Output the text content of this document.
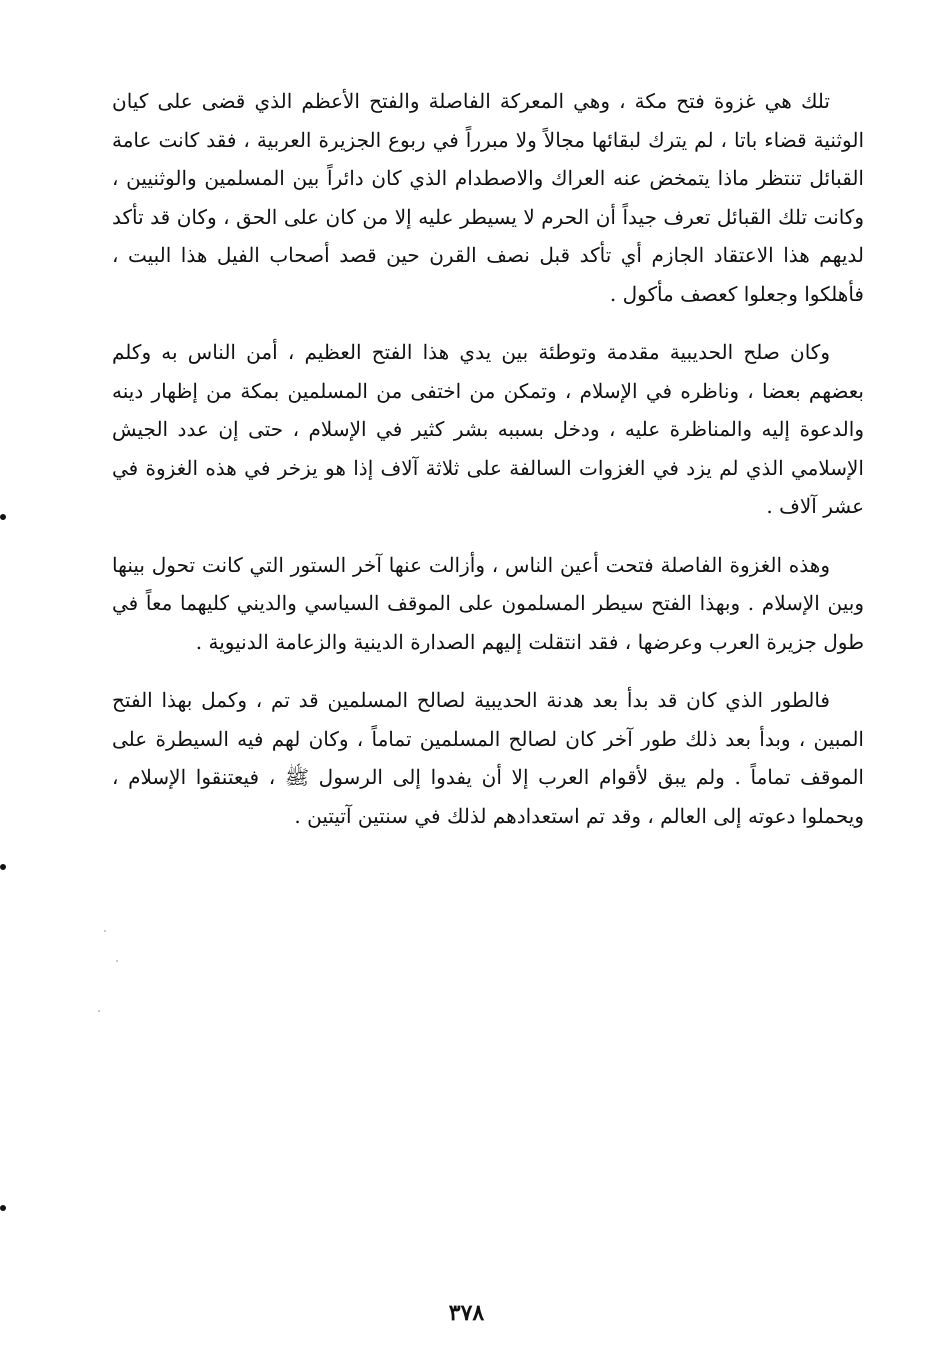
تلك هي غزوة فتح مكة ، وهي المعركة الفاصلة والفتح الأعظم الذي قضى على كيان الوثنية قضاء باتا ، لم يترك لبقائها مجالاً ولا مبرراً في ربوع الجزيرة العربية ، فقد كانت عامة القبائل تنتظر ماذا يتمخض عنه العراك والاصطدام الذي كان دائراً بين المسلمين والوثنيين ، وكانت تلك القبائل تعرف جيداً أن الحرم لا يسيطر عليه إلا من كان على الحق ، وكان قد تأكد لديهم هذا الاعتقاد الجازم أي تأكد قبل نصف القرن حين قصد أصحاب الفيل هذا البيت ، فأهلكوا وجعلوا كعصف مأكول .

وكان صلح الحديبية مقدمة وتوطئة بين يدي هذا الفتح العظيم ، أمن الناس به وكلم بعضهم بعضا ، وناظره في الإسلام ، وتمكن من اختفى من المسلمين بمكة من إظهار دينه والدعوة إليه والمناظرة عليه ، ودخل بسببه بشر كثير في الإسلام ، حتى إن عدد الجيش الإسلامي الذي لم يزد في الغزوات السالفة على ثلاثة آلاف إذا هو يزخر في هذه الغزوة في عشر آلاف .

وهذه الغزوة الفاصلة فتحت أعين الناس ، وأزالت عنها آخر الستور التي كانت تحول بينها وبين الإسلام . وبهذا الفتح سيطر المسلمون على الموقف السياسي والديني كليهما معاً في طول جزيرة العرب وعرضها ، فقد انتقلت إليهم الصدارة الدينية والزعامة الدنيوية .

فالطور الذي كان قد بدأ بعد هدنة الحديبية لصالح المسلمين قد تم ، وكمل بهذا الفتح المبين ، وبدأ بعد ذلك طور آخر كان لصالح المسلمين تماماً ، وكان لهم فيه السيطرة على الموقف تماماً . ولم يبق لأقوام العرب إلا أن يفدوا إلى الرسول ﷺ ، فيعتنقوا الإسلام ، ويحملوا دعوته إلى العالم ، وقد تم استعدادهم لذلك في سنتين آتيتين .

٣٧٨
